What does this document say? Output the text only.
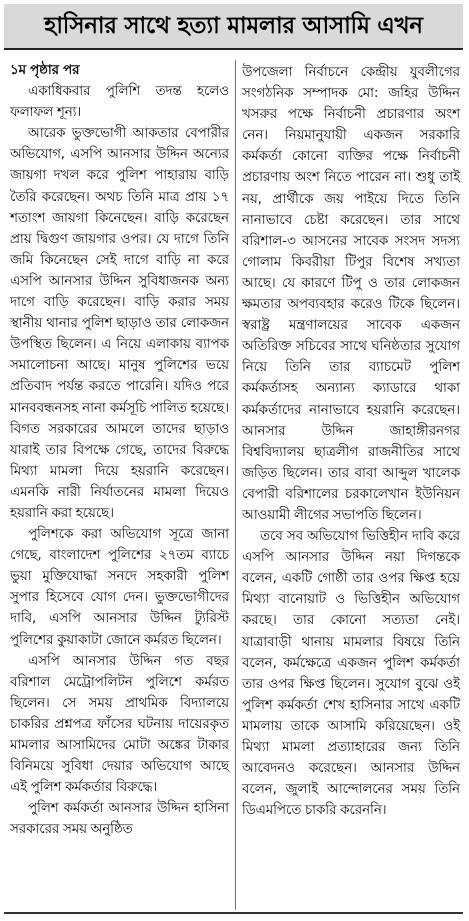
হাসিনার সাথে হত্যা মামলার আসামি এখন
১ম পৃষ্ঠার পর

একাধিকবার পুলিশি তদন্ত হলেও ফলাফল শূন্য।

আরেক ভুক্তভোগী আকতার বেপারীর অভিযোগ, এসপি আনসার উদ্দিন অন্যের জায়গা দখল করে পুলিশ পাহারায় বাড়ি তৈরি করেছেন। অথচ তিনি মাত্র প্রায় ১৭ শতাংশ জায়গা কিনেছেন। বাড়ি করেছেন প্রায় দ্বিগুণ জায়গার ওপর। যে দাগে তিনি জমি কিনেছেন সেই দাগে বাড়ি না করে এসপি আনসার উদ্দিন সুবিধাজনক অন্য দাগে বাড়ি করেছেন। বাড়ি করার সময় স্থানীয় থানার পুলিশ ছাড়াও তার লোকজন উপস্থিত ছিলেন। এ নিয়ে এলাকায় ব্যাপক সমালোচনা আছে। মানুষ পুলিশের ভয়ে প্রতিবাদ পর্যন্ত করতে পারেনি। যদিও পরে মানববন্ধনসহ নানা কর্মসূচি পালিত হয়েছে। বিগত সরকারের আমলে তাদের ছাড়াও যারাই তার বিপক্ষে গেছে, তাদের বিরুদ্ধে মিথ্যা মামলা দিয়ে হয়রানি করেছেন। এমনকি নারী নির্যাতনের মামলা দিয়েও হয়রানি করা হয়েছে।

পুলিশকে করা অভিযোগ সূত্রে জানা গেছে, বাংলাদেশ পুলিশের ২৭তম ব্যাচে ভুয়া মুক্তিযোদ্ধা সনদে সহকারী পুলিশ সুপার হিসেবে যোগ দেন। ভুক্তভোগীদের দাবি, এসপি আনসার উদ্দিন ট্যুরিস্ট পুলিশের কুয়াকাটা জোনে কর্মরত ছিলেন।

এসপি আনসার উদ্দিন গত বছর বরিশাল মেট্রোপলিটন পুলিশে কর্মরত ছিলেন। সে সময় প্রাথমিক বিদ্যালয়ে চাকরির প্রশ্নপত্র ফাঁসের ঘটনায় দায়েরকৃত মামলার আসামিদের মোটা অঙ্কের টাকার বিনিময়ে সুবিধা দেয়ার অভিযোগ আছে এই পুলিশ কর্মকর্তার বিরুদ্ধে।

পুলিশ কর্মকর্তা আনসার উদ্দিন হাসিনা সরকারের সময় অনুষ্ঠিত

উপজেলা নির্বাচনে কেন্দ্রীয় যুবলীগের সংগঠনিক সম্পাদক মো: জহির উদ্দিন খসরুর পক্ষে নির্বাচনী প্রচারণার অংশ নেন। নিয়মানুযায়ী একজন সরকারি কর্মকর্তা কোনো ব্যক্তির পক্ষে নির্বাচনী প্রচারণায় অংশ নিতে পারেন না। শুধু তাই নয়, প্রার্থীকে জয় পাইয়ে দিতে তিনি নানাভাবে চেষ্টা করেছেন। তার সাথে বরিশাল-৩ আসনের সাবেক সংসদ সদস্য গোলাম কিবরীয়া টিপুর বিশেষ সখ্যতা আছে। যে কারণে টিপু ও তার লোকজন ক্ষমতার অপব্যবহার করেও টিকে ছিলেন। স্বরাষ্ট্র মন্ত্রণালয়ের সাবেক একজন অতিরিক্ত সচিবের সাথে ঘনিষ্ঠতার সুযোগ নিয়ে তিনি তার ব্যাচমেট পুলিশ কর্মকর্তাসহ অন্যান্য ক্যাডারে থাকা কর্মকর্তাদের নানাভাবে হয়রানি করেছেন। আনসার উদ্দিন জাহাঙ্গীরনগর বিশ্ববিদ্যালয় ছাত্রলীগ রাজনীতির সাথে জড়িত ছিলেন। তার বাবা আব্দুল খালেক বেপারী বরিশালের চরকালেখান ইউনিয়ন আওয়ামী লীগের সভাপতি ছিলেন।

তবে সব অভিযোগ ভিত্তিহীন দাবি করে এসপি আনসার উদ্দিন নয়া দিগন্তকে বলেন, একটি গোষ্ঠী তার ওপর ক্ষিপ্ত হয়ে মিথ্যা বানোয়াট ও ভিত্তিহীন অভিযোগ করছে। তার কোনো সত্যতা নেই। যাত্রাবাড়ী থানায় মামলার বিষয়ে তিনি বলেন, কর্মক্ষেত্রে একজন পুলিশ কর্মকর্তা তার ওপর ক্ষিপ্ত ছিলেন। সুযোগ বুঝে ওই পুলিশ কর্মকর্তা শেখ হাসিনার সাথে একটি মামলায় তাকে আসামি করিয়েছেন। ওই মিথ্যা মামলা প্রত্যাহারের জন্য তিনি আবেদনও করেছেন। আনসার উদ্দিন বলেন, জুলাই আন্দোলনের সময় তিনি ডিএমপিতে চাকরি করেননি।
